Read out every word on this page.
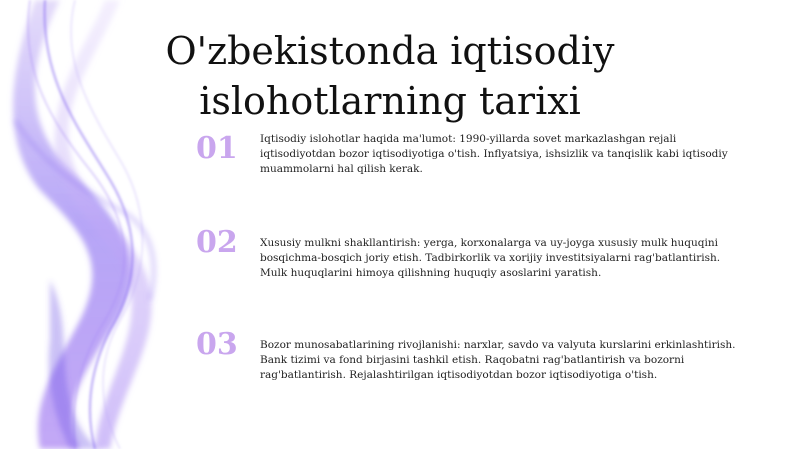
O'zbekistonda iqtisodiy islohotlarning tarixi
01	Iqtisodiy islohotlar haqida ma'lumot: 1990-yillarda sovet markazlashgan rejali iqtisodiyotdan bozor iqtisodiyotiga o'tish. Inflyatsiya, ishsizlik va tanqislik kabi iqtisodiy muammolarni hal qilish kerak.
02	Xususiy mulkni shakllantirish: yerga, korxonalarga va uy-joyga xususiy mulk huquqini bosqichma-bosqich joriy etish. Tadbirkorlik va xorijiy investitsiyalarni rag'batlantirish. Mulk huquqlarini himoya qilishning huquqiy asoslarini yaratish.
03	Bozor munosabatlarining rivojlanishi: narxlar, savdo va valyuta kurslarini erkinlashtirish. Bank tizimi va fond birjasini tashkil etish. Raqobatni rag'batlantirish va bozorni rag'batlantirish. Rejalashtirilgan iqtisodiyotdan bozor iqtisodiyotiga o'tish.
